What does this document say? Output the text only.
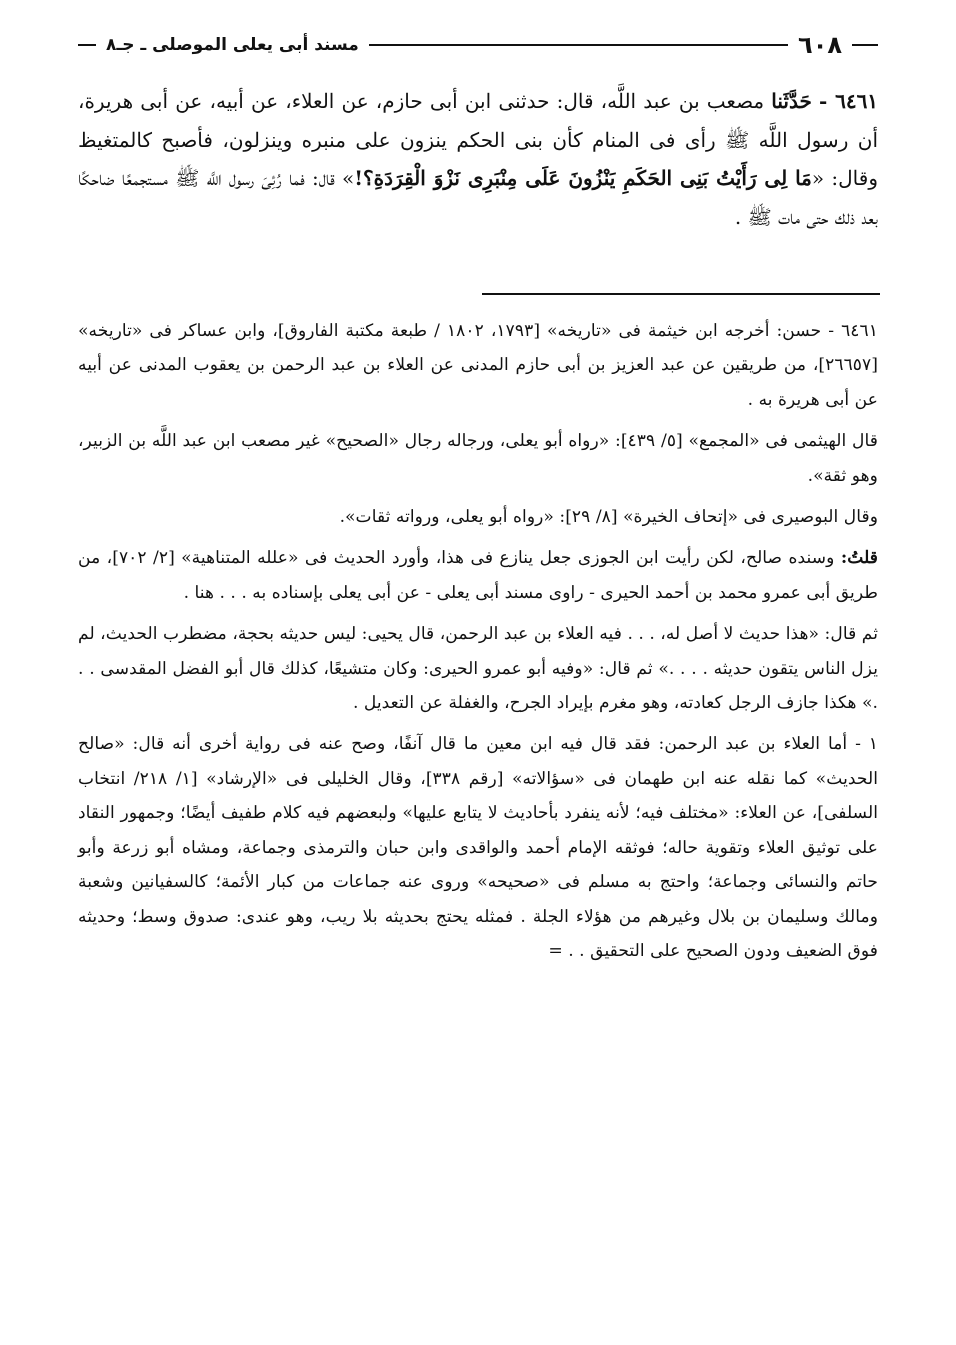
٦٠٨
مسند أبى يعلى الموصلى ـ جـ٨
٦٤٦١ - حَدَّثَنا مصعب بن عبد اللَّه، قال: حدثنى ابن أبى حازم، عن العلاء، عن أبيه، عن أبى هريرة، أن رسول اللَّه ﷺ رأى فى المنام كأن بنى الحكم ينزون على منبره وينزلون، فأصبح كالمتغيظ وقال: «مَا لِى رَأَيْتُ بَنِى الحَكَمِ يَنْزُونَ عَلَى مِنْبَرِى نَزْوَ الْقِرَدَةِ؟!» قال: فما رُئِىَ رسول اللَّه ﷺ مستجمعًا ضاحكًا بعد ذلك حتى مات ﷺ .

٦٤٦١ - حسن: أخرجه ابن خيثمة فى «تاريخه» [١٧٩٣، ١٨٠٢ / طبعة مكتبة الفاروق]، وابن عساكر فى «تاريخه» [٢٦٦٥٧]، من طريقين عن عبد العزيز بن أبى حازم المدنى عن العلاء بن عبد الرحمن بن يعقوب المدنى عن أبيه عن أبى هريرة به .

قال الهيثمى فى «المجمع» [٥/ ٤٣٩]: «رواه أبو يعلى، ورجاله رجال «الصحيح» غير مصعب ابن عبد اللَّه بن الزبير، وهو ثقة».

وقال البوصيرى فى «إتحاف الخيرة» [٨/ ٢٩]: «رواه أبو يعلى، ورواته ثقات».

قلتُ: وسنده صالح، لكن رأيت ابن الجوزى جعل ينازع فى هذا، وأورد الحديث فى «علله المتناهية» [٢/ ٧٠٢]، من طريق أبى عمرو محمد بن أحمد الحيرى - راوى مسند أبى يعلى - عن أبى يعلى بإسناده به . . . هنا .

ثم قال: «هذا حديث لا أصل له، . . . فيه العلاء بن عبد الرحمن، قال يحيى: ليس حديثه بحجة، مضطرب الحديث، لم يزل الناس يتقون حديثه . . . .» ثم قال: «وفيه أبو عمرو الحيرى: وكان متشيعًا، كذلك قال أبو الفضل المقدسى . . .» هكذا جازف الرجل كعادته، وهو مغرم بإيراد الجرح، والغفلة عن التعديل .

١ - أما العلاء بن عبد الرحمن: فقد قال فيه ابن معين ما قال آنفًا، وصح عنه فى رواية أخرى أنه قال: «صالح الحديث» كما نقله عنه ابن طهمان فى «سؤالاته» [رقم ٣٣٨]، وقال الخليلى فى «الإرشاد» [١/ ٢١٨/ انتخاب السلفى]، عن العلاء: «مختلف فيه؛ لأنه ينفرد بأحاديث لا يتابع عليها» ولبعضهم فيه كلام طفيف أيضًا؛ وجمهور النقاد على توثيق العلاء وتقوية حاله؛ فوثقه الإمام أحمد والواقدى وابن حبان والترمذى وجماعة، ومشاه أبو زرعة وأبو حاتم والنسائى وجماعة؛ واحتج به مسلم فى «صحيحه» وروى عنه جماعات من كبار الأئمة؛ كالسفيانين وشعبة ومالك وسليمان بن بلال وغيرهم من هؤلاء الجلة . فمثله يحتج بحديثه بلا ريب، وهو عندى: صدوق وسط؛ وحديثه فوق الضعيف ودون الصحيح على التحقيق . . =
